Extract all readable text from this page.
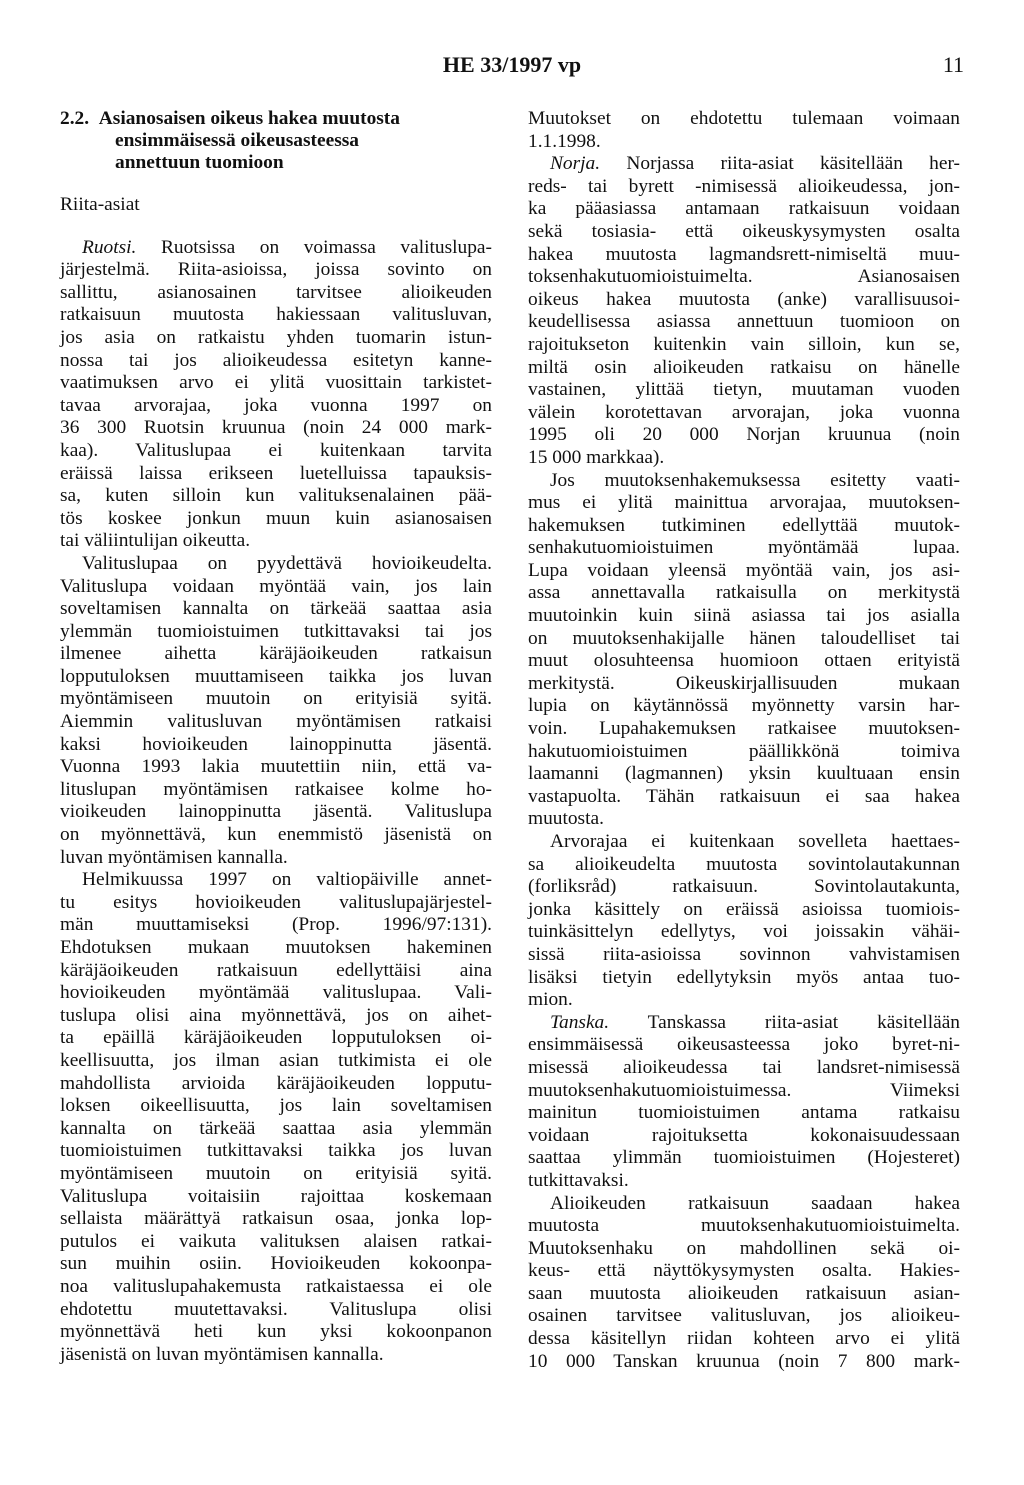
HE 33/1997 vp	11
2.2. Asianosaisen oikeus hakea muutosta
ensimmäisessä oikeusasteessa
annettuun tuomioon
Riita-asiat
Ruotsi. Ruotsissa on voimassa valituslupa-
järjestelmä. Riita-asioissa, joissa sovinto on
sallittu, asianosainen tarvitsee alioikeuden
ratkaisuun muutosta hakiessaan valitusluvan,
jos asia on ratkaistu yhden tuomarin istun-
nossa tai jos alioikeudessa esitetyn kanne-
vaatimuksen arvo ei ylitä vuosittain tarkistet-
tavaa arvorajaa, joka vuonna 1997 on
36 300 Ruotsin kruunua (noin 24 000 mark-
kaa). Valituslupaa ei kuitenkaan tarvita
eräissä laissa erikseen luetelluissa tapauksis-
sa, kuten silloin kun valituksenalainen pää-
tös koskee jonkun muun kuin asianosaisen
tai väliintulijan oikeutta.
Valituslupaa on pyydettävä hovioikeudelta.
Valituslupa voidaan myöntää vain, jos lain
soveltamisen kannalta on tärkeää saattaa asia
ylemmän tuomioistuimen tutkittavaksi tai jos
ilmenee aihetta käräjäoikeuden ratkaisun
lopputuloksen muuttamiseen taikka jos luvan
myöntämiseen muutoin on erityisiä syitä.
Aiemmin valitusluvan myöntämisen ratkaisi
kaksi hovioikeuden lainoppinutta jäsentä.
Vuonna 1993 lakia muutettiin niin, että va-
lituslupan myöntämisen ratkaisee kolme ho-
vioikeuden lainoppinutta jäsentä. Valituslupa
on myönnettävä, kun enemmistö jäsenistä on
luvan myöntämisen kannalla.
Helmikuussa 1997 on valtiopäiville annet-
tu esitys hovioikeuden valituslupajärjestel-
män muuttamiseksi (Prop. 1996/97:131).
Ehdotuksen mukaan muutoksen hakeminen
käräjäoikeuden ratkaisuun edellyttäisi aina
hovioikeuden myöntämää valituslupaa. Vali-
tuslupa olisi aina myönnettävä, jos on aihet-
ta epäillä käräjäoikeuden lopputuloksen oi-
keellisuutta, jos ilman asian tutkimista ei ole
mahdollista arvioida käräjäoikeuden lopputu-
loksen oikeellisuutta, jos lain soveltamisen
kannalta on tärkeää saattaa asia ylemmän
tuomioistuimen tutkittavaksi taikka jos luvan
myöntämiseen muutoin on erityisiä syitä.
Valituslupa voitaisiin rajoittaa koskemaan
sellaista määrättyä ratkaisun osaa, jonka lop-
putulos ei vaikuta valituksen alaisen ratkai-
sun muihin osiin. Hovioikeuden kokoonpa-
noa valituslupahakemusta ratkaistaessa ei ole
ehdotettu muutettavaksi. Valituslupa olisi
myönnettävä heti kun yksi kokoonpanon
jäsenistä on luvan myöntämisen kannalla.
Muutokset on ehdotettu tulemaan voimaan
1.1.1998.
Norja. Norjassa riita-asiat käsitellään her-
reds- tai byrett -nimisessä alioikeudessa, jon-
ka pääasiassa antamaan ratkaisuun voidaan
sekä tosiasia- että oikeuskysymysten osalta
hakea muutosta lagmandsrett-nimiseltä muu-
toksenhakutuomioistuimelta. Asianosaisen
oikeus hakea muutosta (anke) varallisuusoi-
keudellisessa asiassa annettuun tuomioon on
rajoitukseton kuitenkin vain silloin, kun se,
miltä osin alioikeuden ratkaisu on hänelle
vastainen, ylittää tietyn, muutaman vuoden
välein korotettavan arvorajan, joka vuonna
1995 oli 20 000 Norjan kruunua (noin
15 000 markkaa).
Jos muutoksenhakemuksessa esitetty vaati-
mus ei ylitä mainittua arvorajaa, muutoksen-
hakemuksen tutkiminen edellyttää muutok-
senhakutuomioistuimen myöntämää lupaa.
Lupa voidaan yleensä myöntää vain, jos asi-
assa annettavalla ratkaisulla on merkitystä
muutoinkin kuin siinä asiassa tai jos asialla
on muutoksenhakijalle hänen taloudelliset tai
muut olosuhteensa huomioon ottaen erityistä
merkitystä. Oikeuskirjallisuuden mukaan
lupia on käytännössä myönnetty varsin har-
voin. Lupahakemuksen ratkaisee muutoksen-
hakutuomioistuimen päällikkönä toimiva
laamanni (lagmannen) yksin kuultuaan ensin
vastapuolta. Tähän ratkaisuun ei saa hakea
muutosta.
Arvorajaa ei kuitenkaan sovelleta haettaes-
sa alioikeudelta muutosta sovintolautakunnan
(forliksråd) ratkaisuun. Sovintolautakunta,
jonka käsittely on eräissä asioissa tuomiois-
tuinkäsittelyn edellytys, voi joissakin vähäi-
sissä riita-asioissa sovinnon vahvistamisen
lisäksi tietyin edellytyksin myös antaa tuo-
mion.
Tanska. Tanskassa riita-asiat käsitellään
ensimmäisessä oikeusasteessa joko byret-ni-
misessä alioikeudessa tai landsret-nimisessä
muutoksenhakutuomioistuimessa. Viimeksi
mainitun tuomioistuimen antama ratkaisu
voidaan rajoituksetta kokonaisuudessaan
saattaa ylimmän tuomioistuimen (Hojesteret)
tutkittavaksi.
Alioikeuden ratkaisuun saadaan hakea
muutosta muutoksenhakutuomioistuimelta.
Muutoksenhaku on mahdollinen sekä oi-
keus- että näyttökysymysten osalta. Hakies-
saan muutosta alioikeuden ratkaisuun asian-
osainen tarvitsee valitusluvan, jos alioikeu-
dessa käsitellyn riidan kohteen arvo ei ylitä
10 000 Tanskan kruunua (noin 7 800 mark-
